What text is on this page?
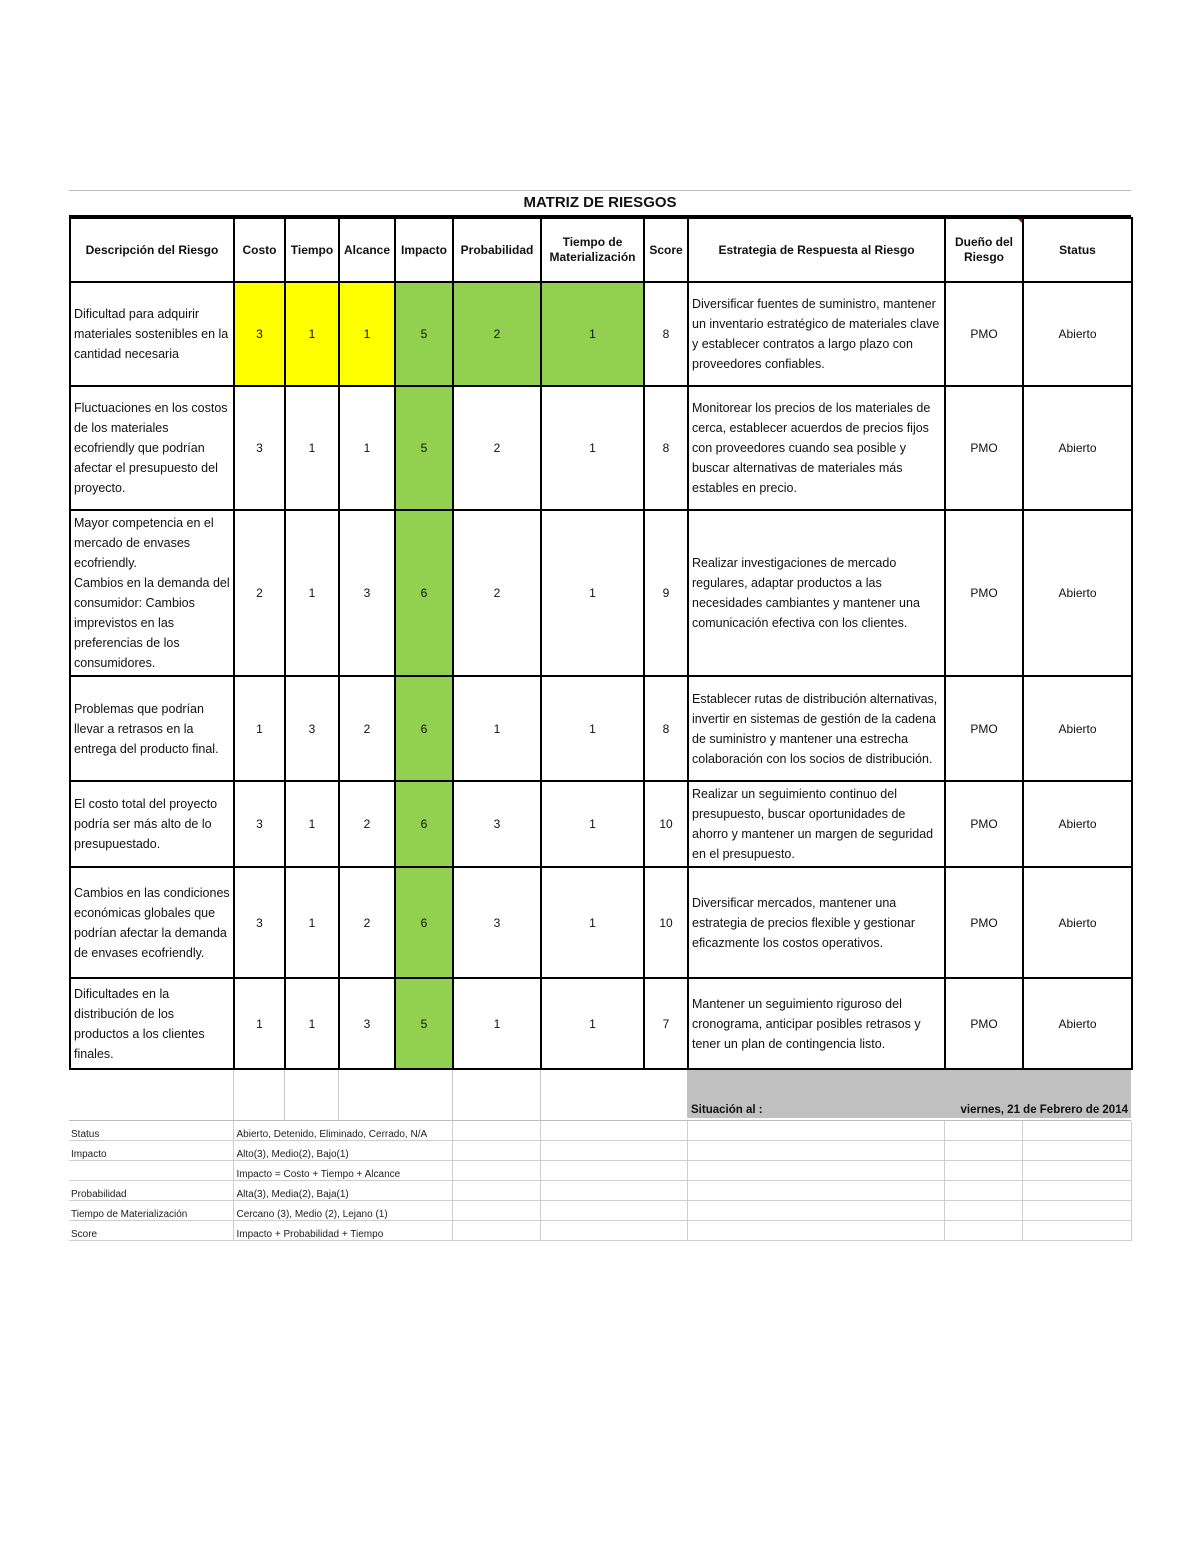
MATRIZ DE RIESGOS
Descripción del Riesgo	Costo	Tiempo	Alcance	Impacto	Probabilidad	Tiempo de Materialización	Score	Estrategia de Respuesta al Riesgo	Dueño del Riesgo	Status
Dificultad para adquirir materiales sostenibles en la cantidad necesaria	3	1	1	5	2	1	8	Diversificar fuentes de suministro, mantener un inventario estratégico de materiales clave y establecer contratos a largo plazo con proveedores confiables.	PMO	Abierto
Fluctuaciones en los costos de los materiales ecofriendly que podrían afectar el presupuesto del proyecto.	3	1	1	5	2	1	8	Monitorear los precios de los materiales de cerca, establecer acuerdos de precios fijos con proveedores cuando sea posible y buscar alternativas de materiales más estables en precio.	PMO	Abierto
Mayor competencia en el mercado de envases ecofriendly.
Cambios en la demanda del consumidor: Cambios imprevistos en las preferencias de los consumidores.	2	1	3	6	2	1	9	Realizar investigaciones de mercado regulares, adaptar productos a las necesidades cambiantes y mantener una comunicación efectiva con los clientes.	PMO	Abierto
Problemas que podrían llevar a retrasos en la entrega del producto final.	1	3	2	6	1	1	8	Establecer rutas de distribución alternativas, invertir en sistemas de gestión de la cadena de suministro y mantener una estrecha colaboración con los socios de distribución.	PMO	Abierto
El costo total del proyecto podría ser más alto de lo presupuestado.	3	1	2	6	3	1	10	Realizar un seguimiento continuo del presupuesto, buscar oportunidades de ahorro y mantener un margen de seguridad en el presupuesto.	PMO	Abierto
Cambios en las condiciones económicas globales que podrían afectar la demanda de envases ecofriendly.	3	1	2	6	3	1	10	Diversificar mercados, mantener una estrategia de precios flexible y gestionar eficazmente los costos operativos.	PMO	Abierto
Dificultades en la distribución de los productos a los clientes finales.	1	1	3	5	1	1	7	Mantener un seguimiento riguroso del cronograma, anticipar posibles retrasos y tener un plan de contingencia listo.	PMO	Abierto
Situación al :	viernes, 21 de Febrero de 2014
Status	Abierto, Detenido, Eliminado, Cerrado, N/A					
Impacto	Alto(3), Medio(2), Bajo(1)					
	Impacto = Costo + Tiempo + Alcance					
Probabilidad	Alta(3), Media(2), Baja(1)					
Tiempo de Materialización	Cercano (3), Medio (2), Lejano (1)					
Score	Impacto + Probabilidad + Tiempo					
